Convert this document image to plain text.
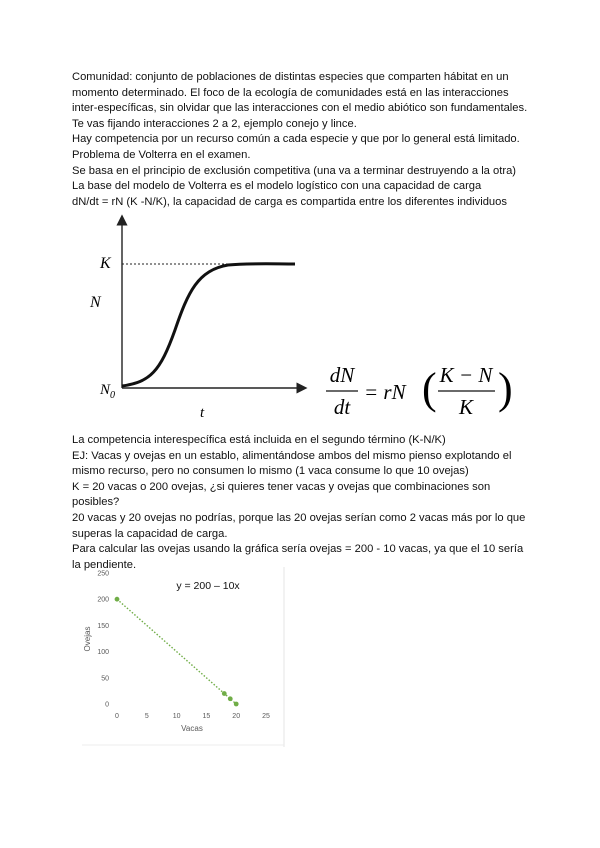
Comunidad: conjunto de poblaciones de distintas especies que comparten hábitat en un

momento determinado. El foco de la ecología de comunidades está en las interacciones

inter-específicas, sin olvidar que las interacciones con el medio abiótico son fundamentales.

Te vas fijando interacciones 2 a 2, ejemplo conejo y lince.

Hay competencia por un recurso común a cada especie y que por lo general está limitado.

Problema de Volterra en el examen.

Se basa en el principio de exclusión competitiva (una va a terminar destruyendo a la otra)

La base del modelo de Volterra es el modelo logístico con una capacidad de carga

dN/dt = rN (K -N/K), la capacidad de carga es compartida entre los diferentes individuos

K
N
$N_0$
t
dN
dt
= rN ( K − N
K )

La competencia interespecífica está incluida en el segundo término (K-N/K)

EJ: Vacas y ovejas en un establo, alimentándose ambos del mismo pienso explotando el

mismo recurso, pero no consumen lo mismo (1 vaca consume lo que 10 ovejas)

K = 20 vacas o 200 ovejas, ¿si quieres tener vacas y ovejas que combinaciones son

posibles?

20 vacas y 20 ovejas no podrías, porque las 20 ovejas serían como 2 vacas más por lo que

superas la capacidad de carga.

Para calcular las ovejas usando la gráfica sería ovejas = 200 - 10 vacas, ya que el 10 sería

la pendiente.

y = 200 – 10x
0
50
100
150
200
250
0	5	10	15	20	25
Vacas
Ovejas
